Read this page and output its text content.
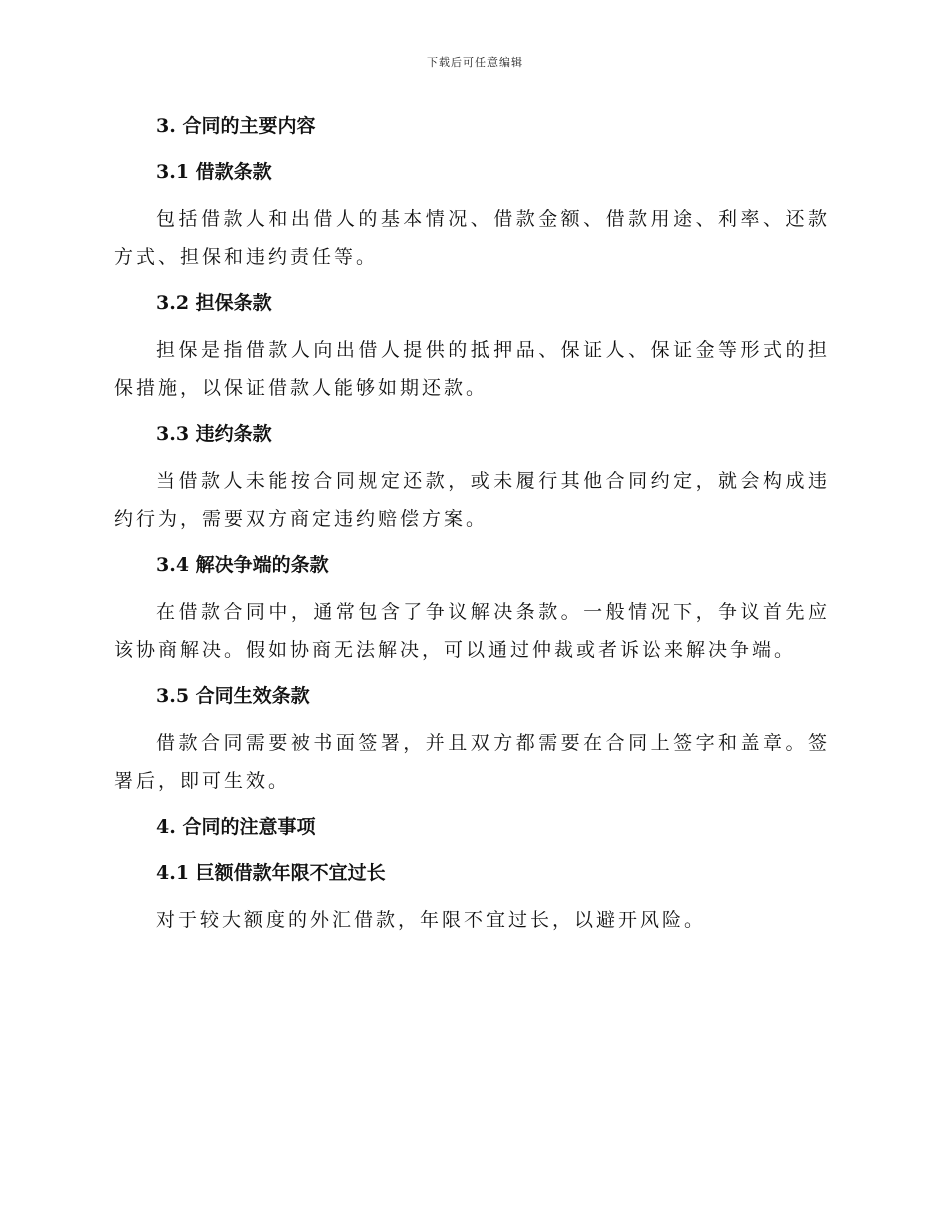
下载后可任意编辑
3. 合同的主要内容
3.1 借款条款

包括借款人和出借人的基本情况、借款金额、借款用途、利率、还款方式、担保和违约责任等。

3.2 担保条款

担保是指借款人向出借人提供的抵押品、保证人、保证金等形式的担保措施，以保证借款人能够如期还款。

3.3 违约条款

当借款人未能按合同规定还款，或未履行其他合同约定，就会构成违约行为，需要双方商定违约赔偿方案。

3.4 解决争端的条款

在借款合同中，通常包含了争议解决条款。一般情况下，争议首先应该协商解决。假如协商无法解决，可以通过仲裁或者诉讼来解决争端。

3.5 合同生效条款

借款合同需要被书面签署，并且双方都需要在合同上签字和盖章。签署后，即可生效。

4. 合同的注意事项
4.1 巨额借款年限不宜过长

对于较大额度的外汇借款，年限不宜过长，以避开风险。
